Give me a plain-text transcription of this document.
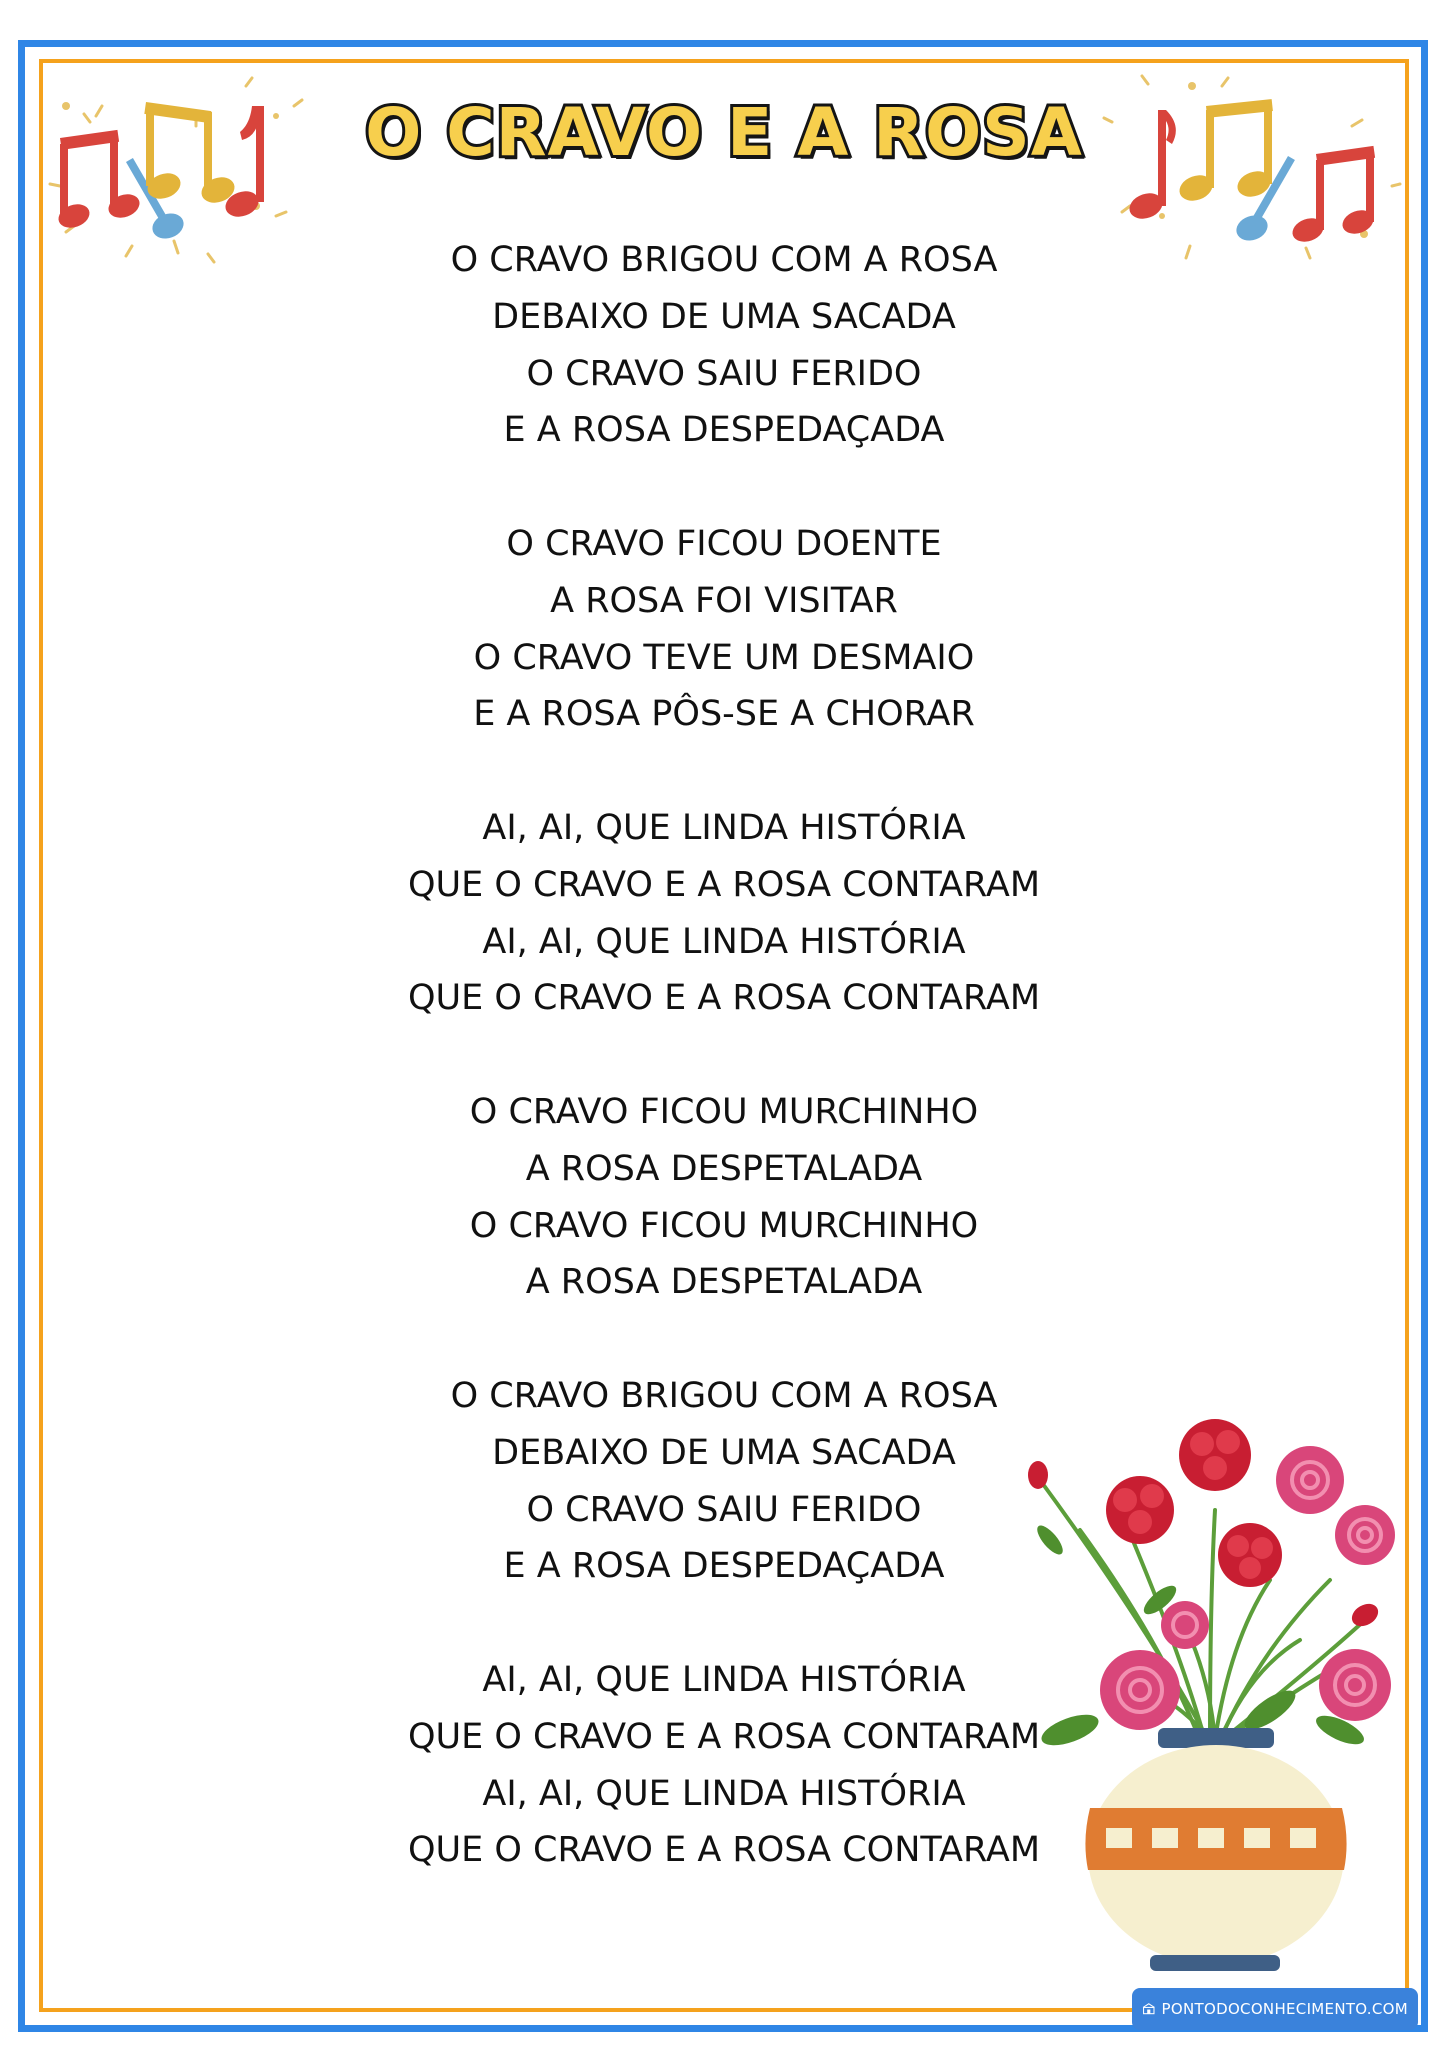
O CRAVO E A ROSA
O CRAVO BRIGOU COM A ROSA
DEBAIXO DE UMA SACADA
O CRAVO SAIU FERIDO
E A ROSA DESPEDAÇADA
O CRAVO FICOU DOENTE
A ROSA FOI VISITAR
O CRAVO TEVE UM DESMAIO
E A ROSA PÔS-SE A CHORAR
AI, AI, QUE LINDA HISTÓRIA
QUE O CRAVO E A ROSA CONTARAM
AI, AI, QUE LINDA HISTÓRIA
QUE O CRAVO E A ROSA CONTARAM
O CRAVO FICOU MURCHINHO
A ROSA DESPETALADA
O CRAVO FICOU MURCHINHO
A ROSA DESPETALADA
O CRAVO BRIGOU COM A ROSA
DEBAIXO DE UMA SACADA
O CRAVO SAIU FERIDO
E A ROSA DESPEDAÇADA
AI, AI, QUE LINDA HISTÓRIA
QUE O CRAVO E A ROSA CONTARAM
AI, AI, QUE LINDA HISTÓRIA
QUE O CRAVO E A ROSA CONTARAM
PONTODOCONHECIMENTO.COM
